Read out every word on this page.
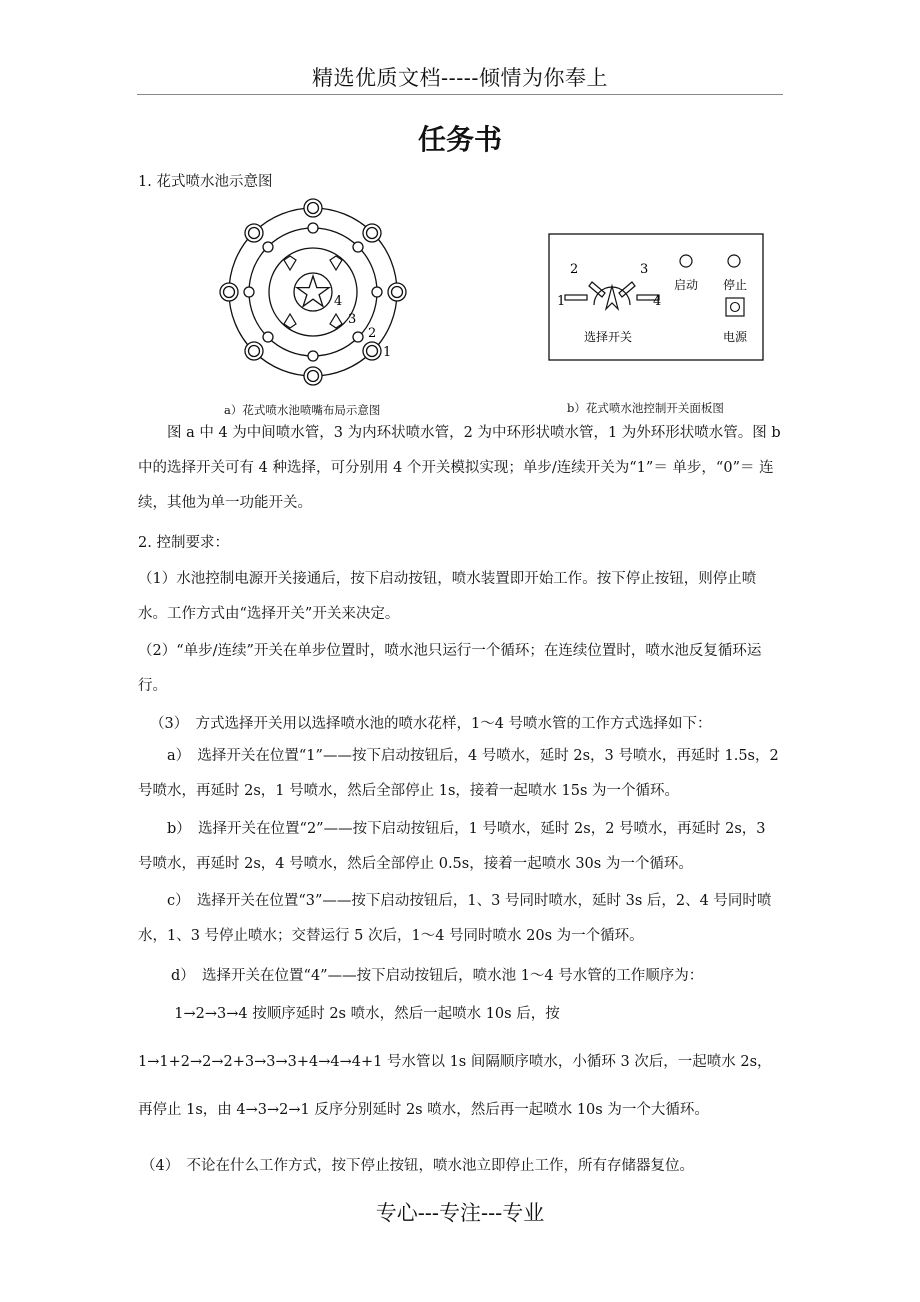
精选优质文档-----倾情为你奉上
任务书
1. 花式喷水池示意图
4
3
2
1
a）花式喷水池喷嘴布局示意图
2	3
1	4
选择开关
启动 停止
电源
b）花式喷水池控制开关面板图
图 a 中 4 为中间喷水管，3 为内环状喷水管，2 为中环形状喷水管，1 为外环形状喷水管。图 b 中的选择开关可有 4 种选择，可分别用 4 个开关模拟实现；单步/连续开关为“1”＝ 单步，“0”＝ 连续，其他为单一功能开关。
2. 控制要求：
（1）水池控制电源开关接通后，按下启动按钮，喷水装置即开始工作。按下停止按钮，则停止喷水。工作方式由“选择开关”开关来决定。
（2）“单步/连续”开关在单步位置时，喷水池只运行一个循环；在连续位置时，喷水池反复循环运行。
（3）　方式选择开关用以选择喷水池的喷水花样，1～4 号喷水管的工作方式选择如下：
a）　选择开关在位置“1”——按下启动按钮后，4 号喷水，延时 2s，3 号喷水，再延时 1.5s，2 号喷水，再延时 2s，1 号喷水，然后全部停止 1s，接着一起喷水 15s 为一个循环。
b）　选择开关在位置“2”——按下启动按钮后，1 号喷水，延时 2s，2 号喷水，再延时 2s，3 号喷水，再延时 2s，4 号喷水，然后全部停止 0.5s，接着一起喷水 30s 为一个循环。
c）　选择开关在位置“3”——按下启动按钮后，1、3 号同时喷水，延时 3s 后，2、4 号同时喷水，1、3 号停止喷水；交替运行 5 次后，1～4 号同时喷水 20s 为一个循环。
d）　选择开关在位置“4”——按下启动按钮后，喷水池 1～4 号水管的工作顺序为：
1→2→3→4 按顺序延时 2s 喷水，然后一起喷水 10s 后，按 1→1+2→2→2+3→3→3+4→4→4+1 号水管以 1s 间隔顺序喷水，小循环 3 次后，一起喷水 2s，再停止 1s，由 4→3→2→1 反序分别延时 2s 喷水，然后再一起喷水 10s 为一个大循环。
（4）　不论在什么工作方式，按下停止按钮，喷水池立即停止工作，所有存储器复位。
专心---专注---专业
